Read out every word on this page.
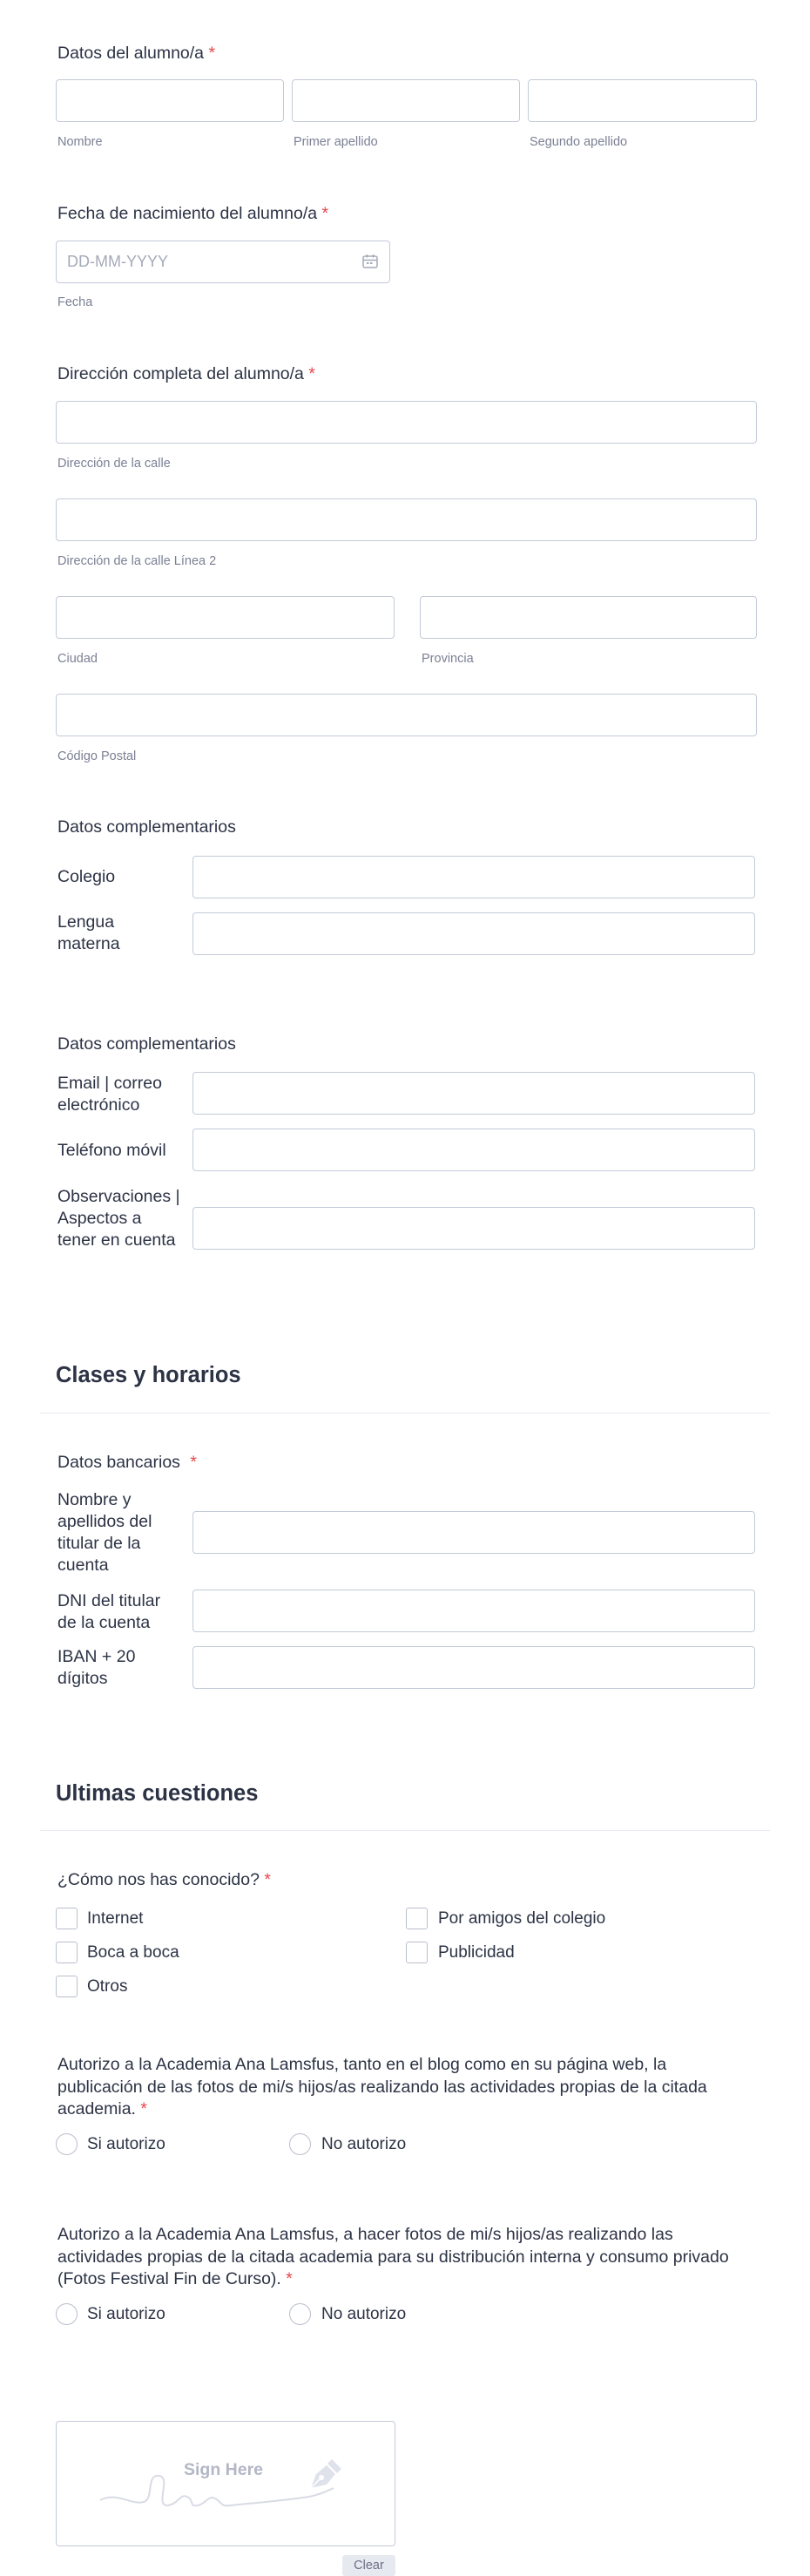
Datos del alumno/a *
Nombre	Primer apellido	Segundo apellido
Fecha de nacimiento del alumno/a *
DD-MM-YYYY
Fecha
Dirección completa del alumno/a *
Dirección de la calle
Dirección de la calle Línea 2
Ciudad	Provincia
Código Postal
Datos complementarios
Colegio
Lengua materna
Datos complementarios
Email | correo electrónico
Teléfono móvil
Observaciones | Aspectos a tener en cuenta
Clases y horarios
Datos bancarios *
Nombre y apellidos del titular de la cuenta
DNI del titular de la cuenta
IBAN + 20 dígitos
Ultimas cuestiones
¿Cómo nos has conocido? *
Internet	Por amigos del colegio
Boca a boca	Publicidad
Otros
Autorizo a la Academia Ana Lamsfus, tanto en el blog como en su página web, la publicación de las fotos de mi/s hijos/as realizando las actividades propias de la citada academia. *
Si autorizo	No autorizo
Autorizo a la Academia Ana Lamsfus, a hacer fotos de mi/s hijos/as realizando las actividades propias de la citada academia para su distribución interna y consumo privado (Fotos Festival Fin de Curso). *
Si autorizo	No autorizo
Sign Here
Clear
